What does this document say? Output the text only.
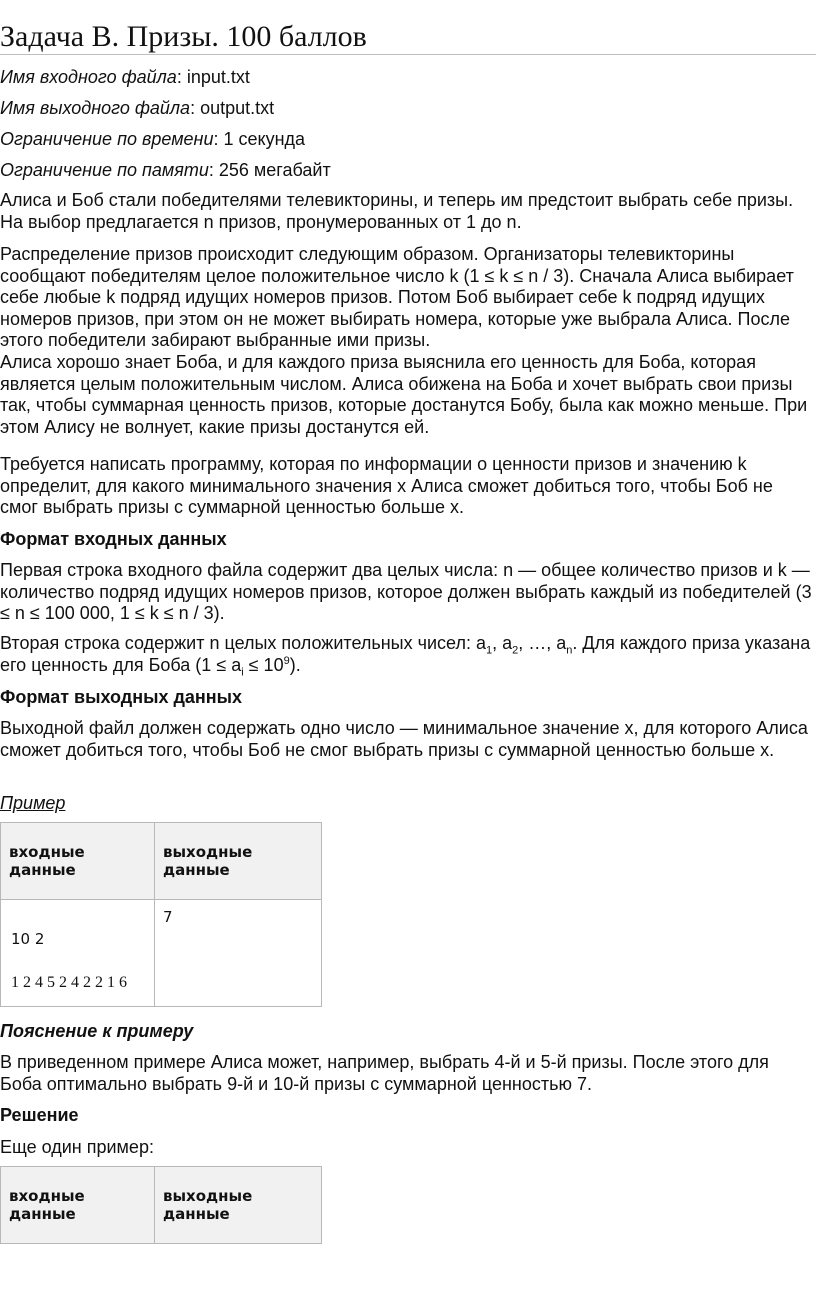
Задача B. Призы. 100 баллов
Имя входного файла: input.txt
Имя выходного файла: output.txt
Ограничение по времени: 1 секунда
Ограничение по памяти: 256 мегабайт
Алиса и Боб стали победителями телевикторины, и теперь им предстоит выбрать себе призы. На выбор предлагается n призов, пронумерованных от 1 до n.
Распределение призов происходит следующим образом. Организаторы телевикторины сообщают победителям целое положительное число k (1 ≤ k ≤ n / 3). Сначала Алиса выбирает себе любые k подряд идущих номеров призов. Потом Боб выбирает себе k подряд идущих номеров призов, при этом он не может выбирать номера, которые уже выбрала Алиса. После этого победители забирают выбранные ими призы.
Алиса хорошо знает Боба, и для каждого приза выяснила его ценность для Боба, которая является целым положительным числом. Алиса обижена на Боба и хочет выбрать свои призы так, чтобы суммарная ценность призов, которые достанутся Бобу, была как можно меньше. При этом Алису не волнует, какие призы достанутся ей.
Требуется написать программу, которая по информации о ценности призов и значению k определит, для какого минимального значения x Алиса сможет добиться того, чтобы Боб не смог выбрать призы с суммарной ценностью больше x.
Формат входных данных
Первая строка входного файла содержит два целых числа: n — общее количество призов и k — количество подряд идущих номеров призов, которое должен выбрать каждый из победителей (3 ≤ n ≤ 100 000, 1 ≤ k ≤ n / 3).
Вторая строка содержит n целых положительных чисел: $a_1$, $a_2$, …, $a_n$. Для каждого приза указана его ценность для Боба $(1 \le a_i \le 10^9)$.
Формат выходных данных
Выходной файл должен содержать одно число — минимальное значение x, для которого Алиса сможет добиться того, чтобы Боб не смог выбрать призы с суммарной ценностью больше x.
Пример
входные данные	выходные данные

10 2
1 2 4 5 2 4 2 2 1 6	7
Пояснение к примеру
В приведенном примере Алиса может, например, выбрать 4-й и 5-й призы. После этого для Боба оптимально выбрать 9-й и 10-й призы с суммарной ценностью 7.
Решение
Еще один пример:
входные данные	выходные данные
